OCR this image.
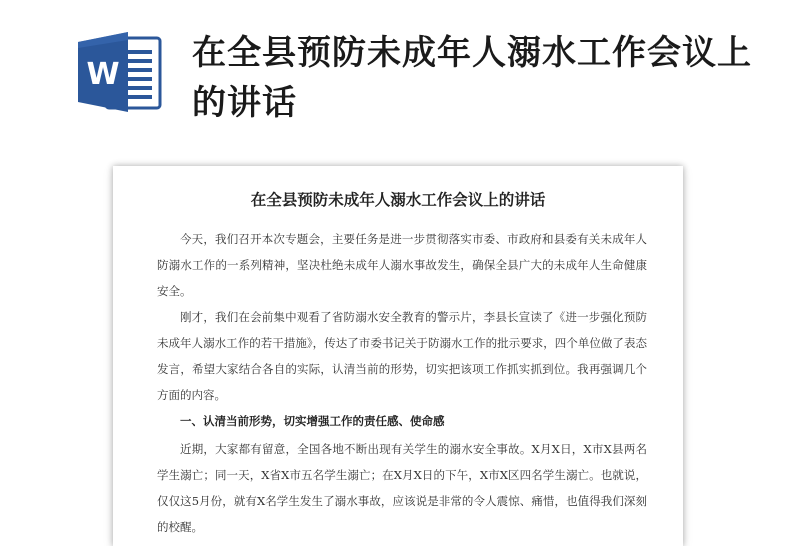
W
在全县预防未成年人溺水工作会议上的讲话
在全县预防未成年人溺水工作会议上的讲话
今天，我们召开本次专题会，主要任务是进一步贯彻落实市委、市政府和县委有关未成年人防溺水工作的一系列精神，坚决杜绝未成年人溺水事故发生，确保全县广大的未成年人生命健康安全。
刚才，我们在会前集中观看了省防溺水安全教育的警示片，李县长宣读了《进一步强化预防未成年人溺水工作的若干措施》，传达了市委书记关于防溺水工作的批示要求，四个单位做了表态发言，希望大家结合各自的实际，认清当前的形势，切实把该项工作抓实抓到位。我再强调几个方面的内容。
一、认清当前形势，切实增强工作的责任感、使命感
近期，大家都有留意，全国各地不断出现有关学生的溺水安全事故。X月X日，X市X县两名学生溺亡；同一天，X省X市五名学生溺亡；在X月X日的下午，X市X区四名学生溺亡。也就说，仅仅这5月份，就有X名学生发生了溺水事故，应该说是非常的令人震惊、痛惜，也值得我们深刻的校醒。
